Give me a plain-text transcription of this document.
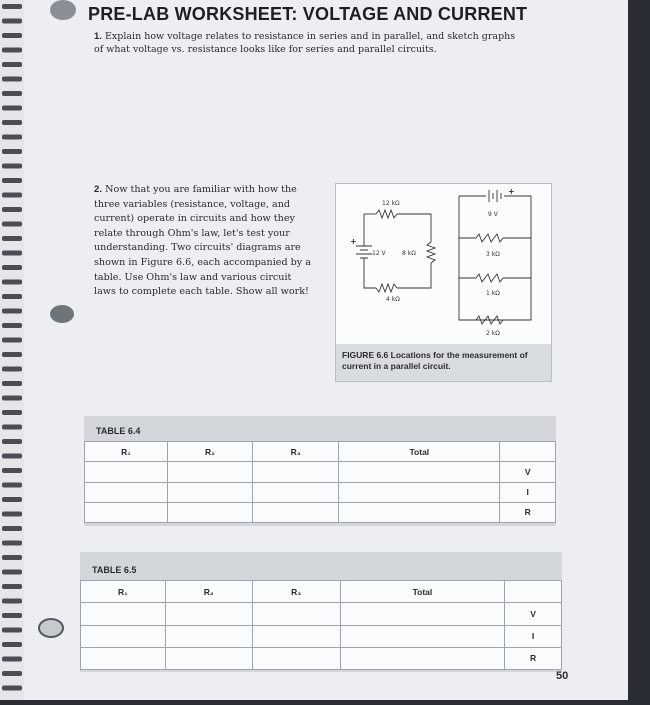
PRE-LAB WORKSHEET: VOLTAGE AND CURRENT
1. Explain how voltage relates to resistance in series and in parallel, and sketch graphs of what voltage vs. resistance looks like for series and parallel circuits.
2. Now that you are familiar with how the three variables (resistance, voltage, and current) operate in circuits and how they relate through Ohm's law, let's test your understanding. Two circuits' diagrams are shown in Figure 6.6, each accompanied by a table. Use Ohm's law and various circuit laws to complete each table. Show all work!
12 kΩ
12 V	8 kΩ
4 kΩ
+
+
9 V
3 kΩ
1 kΩ
2 kΩ
FIGURE 6.6 Locations for the measurement of current in a parallel circuit.
TABLE 6.4
R₁	R₂	R₃	Total	
				V
				I
				R
TABLE 6.5
R₁	R₂	R₃	Total	
				V
				I
				R
50
